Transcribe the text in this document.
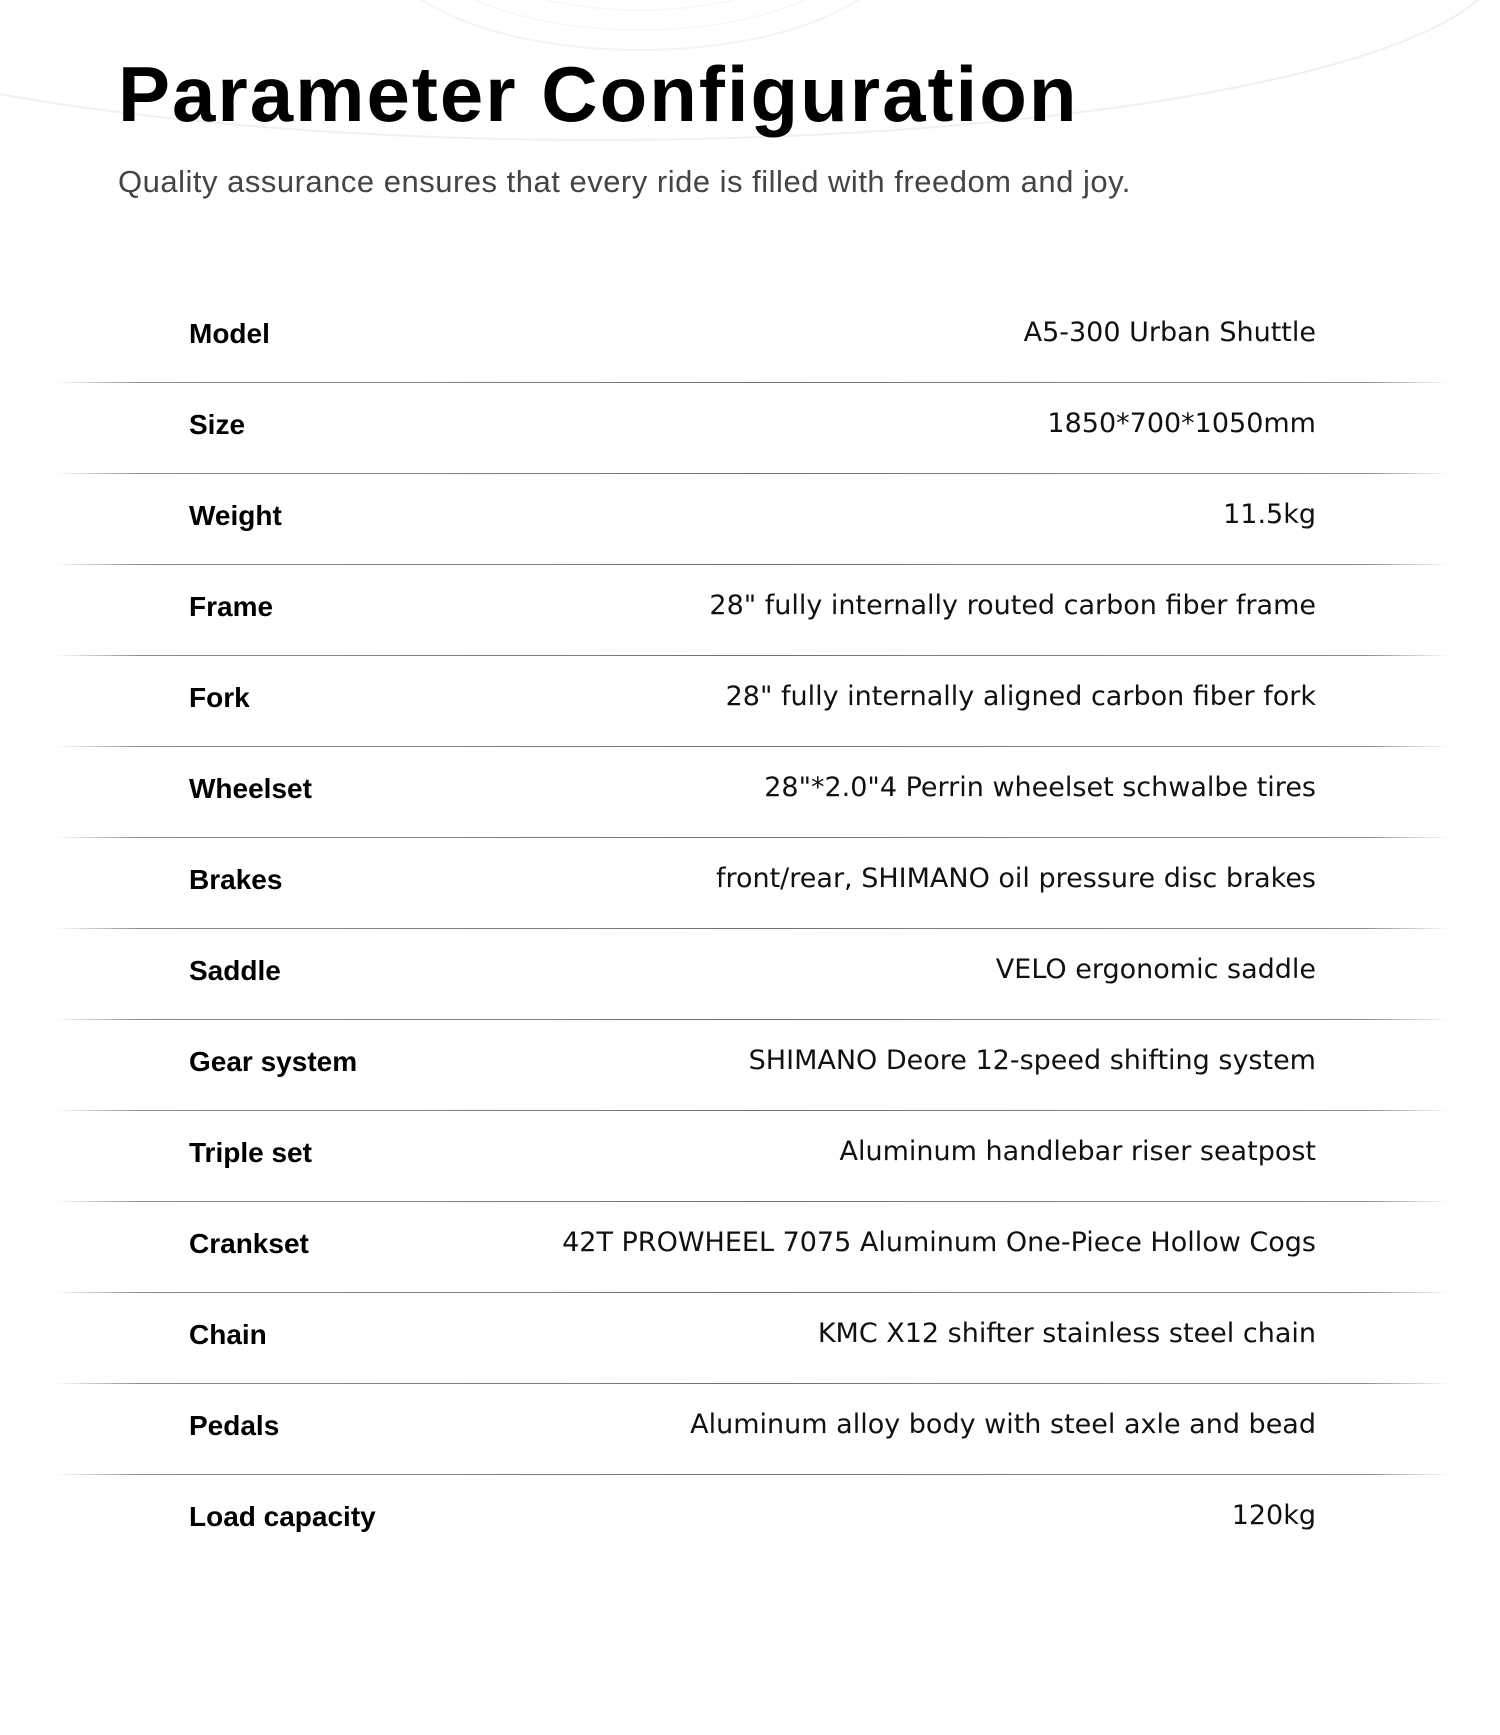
Parameter Configuration

Quality assurance ensures that every ride is filled with freedom and joy.

Model	A5-300 Urban Shuttle
Size	1850*700*1050mm
Weight	11.5kg
Frame	28" fully internally routed carbon fiber frame
Fork	28" fully internally aligned carbon fiber fork
Wheelset	28"*2.0"4 Perrin wheelset schwalbe tires
Brakes	front/rear, SHIMANO oil pressure disc brakes
Saddle	VELO ergonomic saddle
Gear system	SHIMANO Deore 12-speed shifting system
Triple set	Aluminum handlebar riser seatpost
Crankset	42T PROWHEEL 7075 Aluminum One-Piece Hollow Cogs
Chain	KMC X12 shifter stainless steel chain
Pedals	Aluminum alloy body with steel axle and bead
Load capacity	120kg
